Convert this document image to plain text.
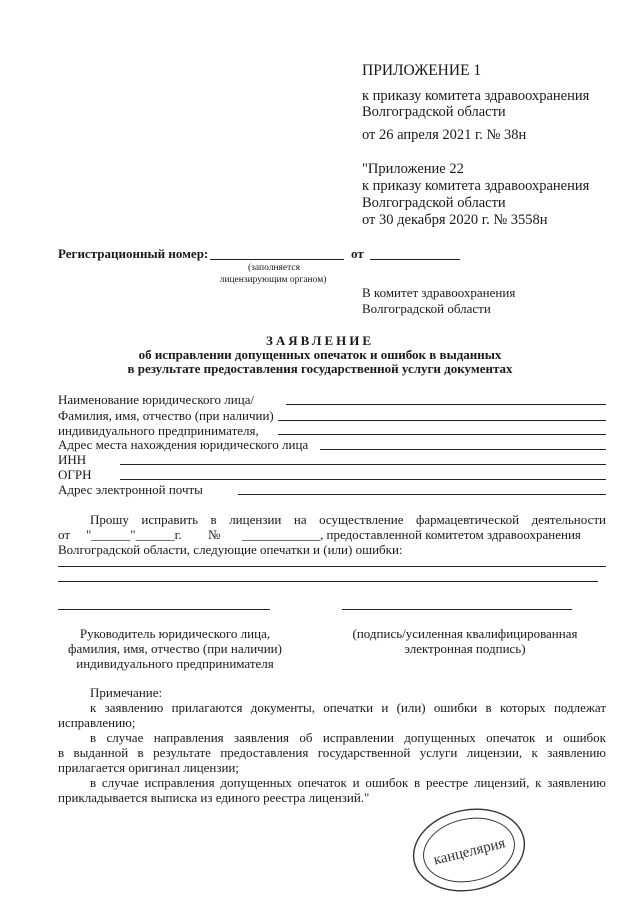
ПРИЛОЖЕНИЕ 1
к приказу комитета здравоохранения
Волгоградской области
от 26 апреля 2021 г. № 38н
"Приложение 22
к приказу комитета здравоохранения
Волгоградской области
от 30 декабря 2020 г. № 3558н
Регистрационный номер:	от
(заполняется
лицензирующим органом)
В комитет здравоохранения
Волгоградской области
ЗАЯВЛЕНИЕ
об исправлении допущенных опечаток и ошибок в выданных
в результате предоставления государственной услуги документах
Наименование юридического лица/
Фамилия, имя, отчество (при наличии)
индивидуального предпринимателя,
Адрес места нахождения юридического лица
ИНН
ОГРН
Адрес электронной почты
Прошу исправить в лицензии на осуществление фармацевтической деятельности
от "______"______г. № ____________, предоставленной комитетом здравоохранения
Волгоградской области, следующие опечатки и (или) ошибки:
Руководитель юридического лица,
фамилия, имя, отчество (при наличии)
индивидуального предпринимателя
(подпись/усиленная квалифицированная
электронная подпись)
Примечание:
к заявлению прилагаются документы, опечатки и (или) ошибки в которых подлежат
исправлению;
в случае направления заявления об исправлении допущенных опечаток и ошибок
в выданной в результате предоставления государственной услуги лицензии, к заявлению
прилагается оригинал лицензии;
в случае исправления допущенных опечаток и ошибок в реестре лицензий, к заявлению
прикладывается выписка из единого реестра лицензий."
канцелярия
